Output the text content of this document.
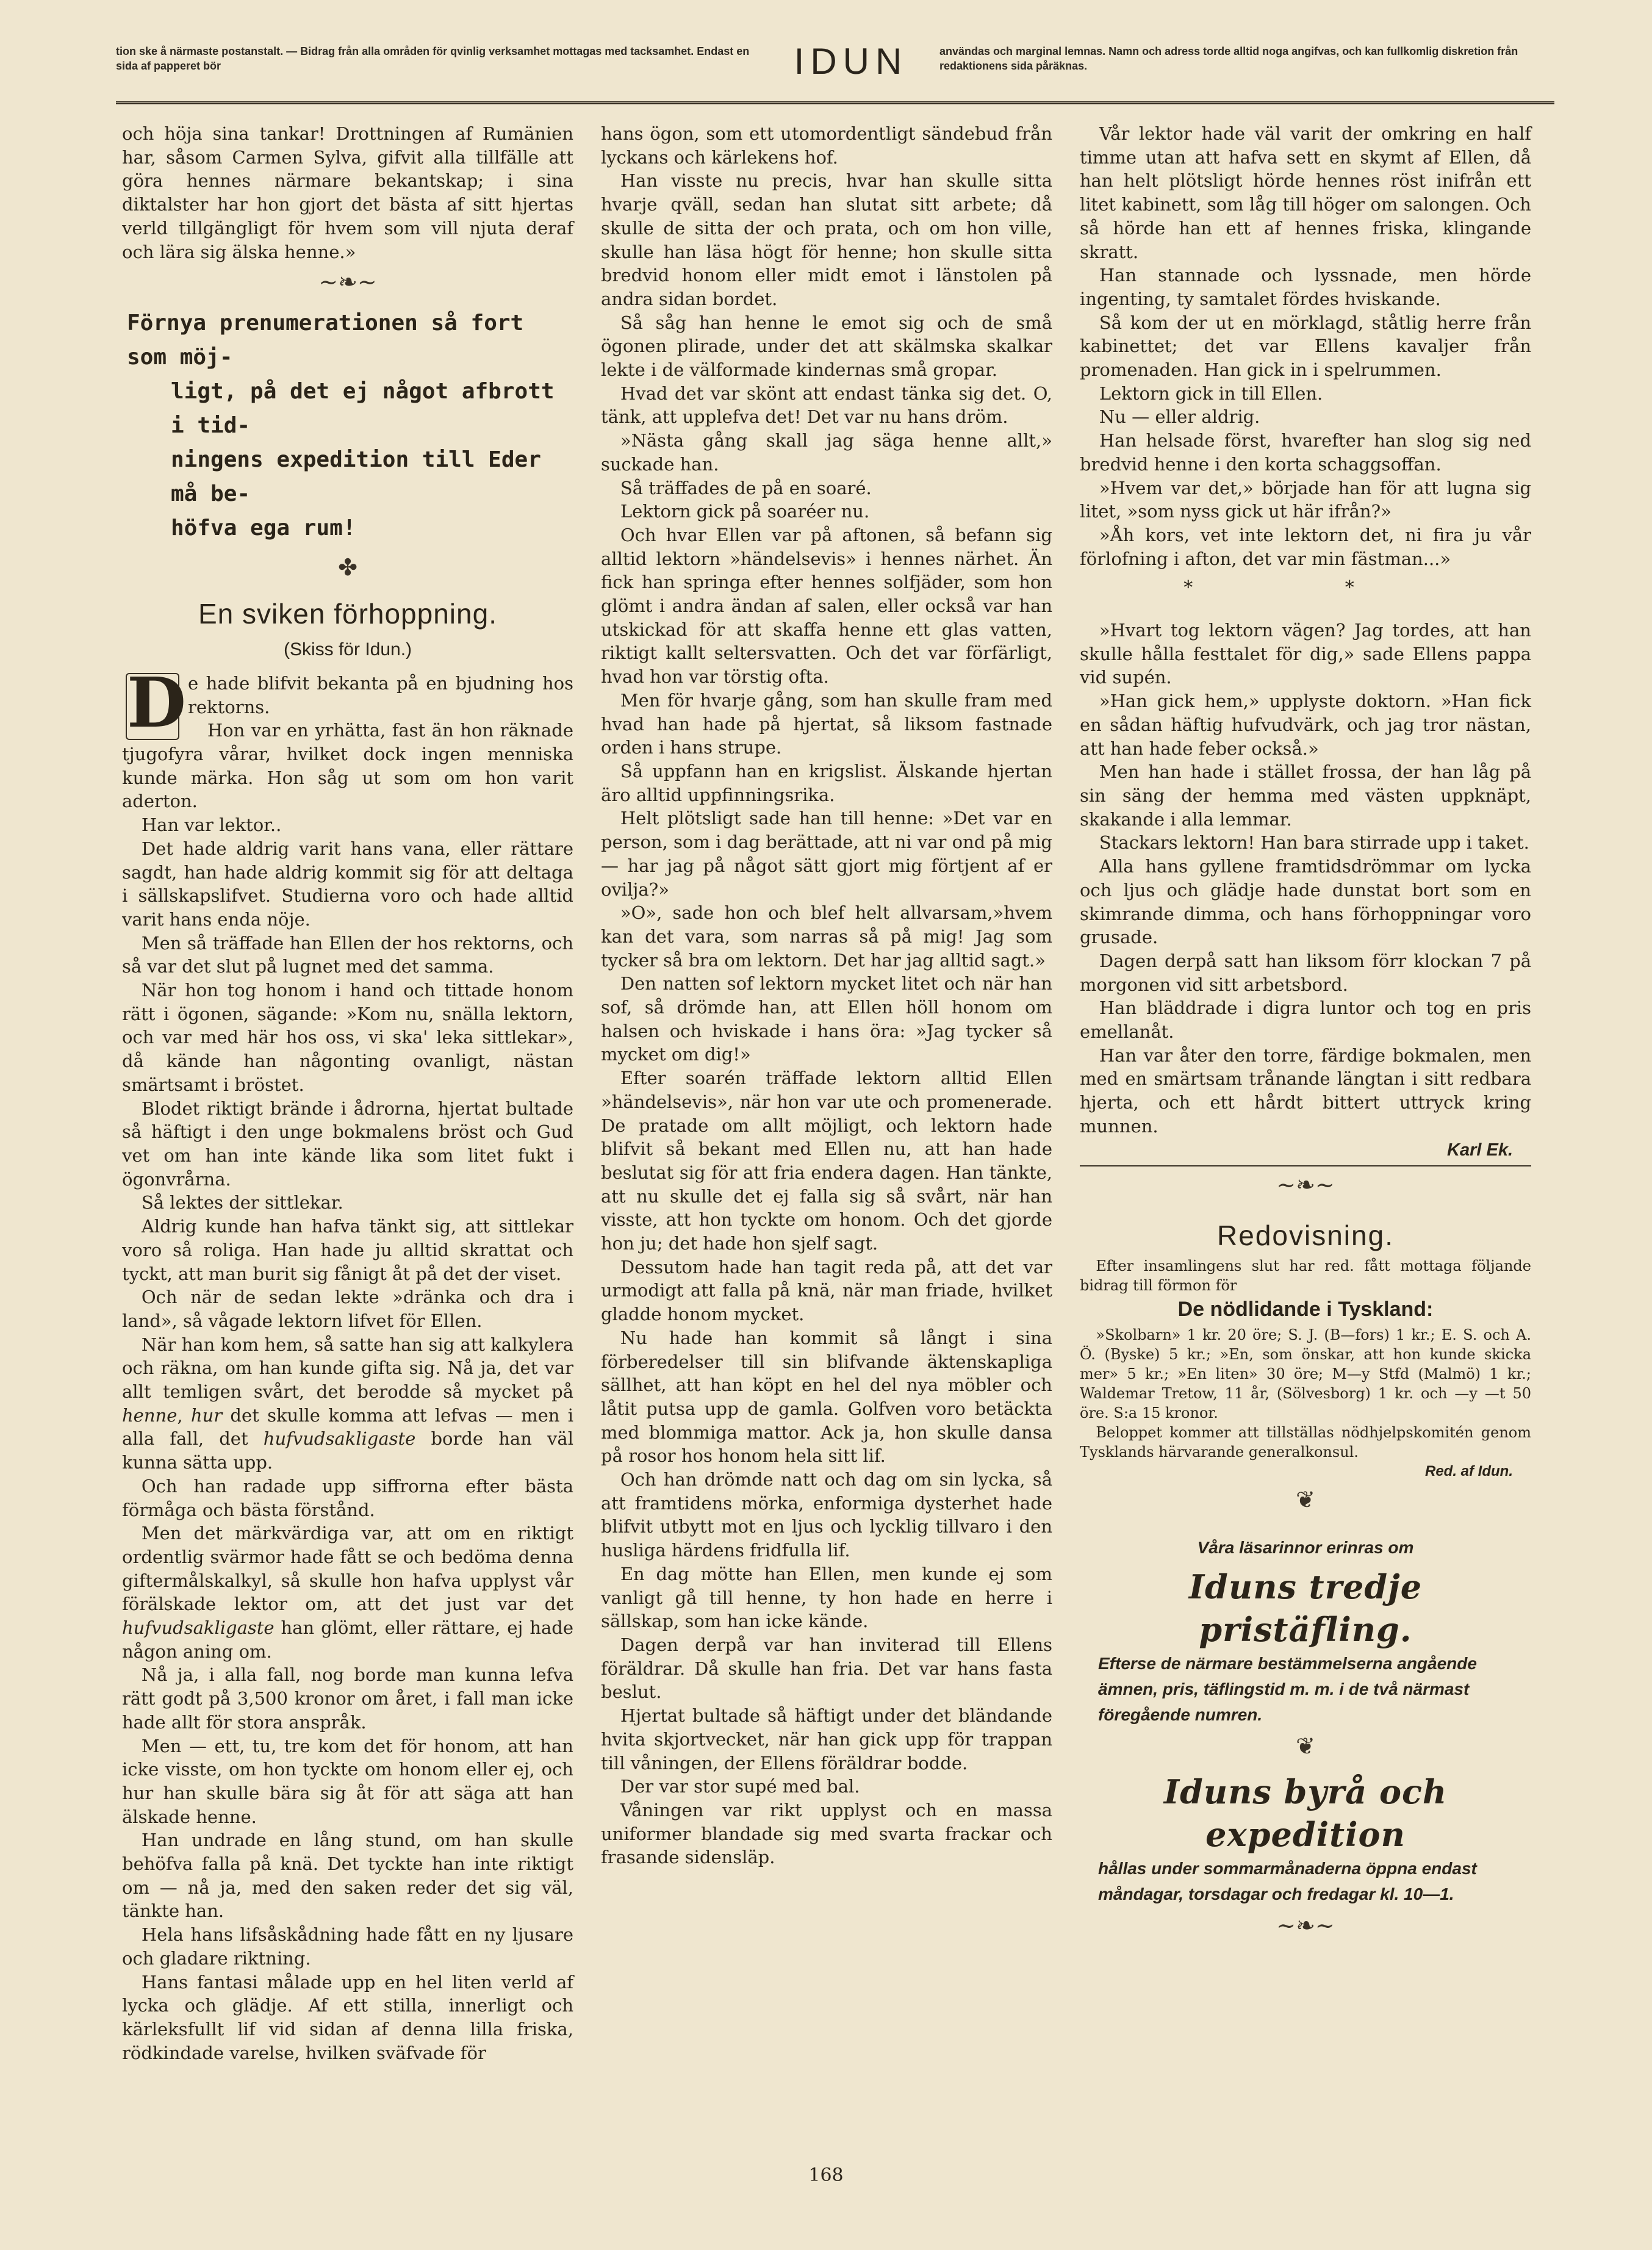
tion ske å närmaste postanstalt. — Bidrag från alla områden för qvinlig verksamhet mottagas med tacksamhet. Endast en sida af papperet bör	IDUN	användas och marginal lemnas. Namn och adress torde alltid noga angifvas, och kan fullkomlig diskretion från redaktionens sida påräknas.

och höja sina tankar! Drottningen af Rumänien har, såsom Carmen Sylva, gifvit alla tillfälle att göra hennes närmare bekantskap; i sina diktalster har hon gjort det bästa af sitt hjertas verld tillgängligt för hvem som vill njuta deraf och lära sig älska henne.»

~❧~
Förnya prenumerationen så fort som möj-
ligt, på det ej något afbrott i tid-
ningens expedition till Eder må be-
höfva ega rum!
✤
En sviken förhoppning.
(Skiss för Idun.)
D e hade blifvit bekanta på en bjudning hos rektorns.

Hon var en yrhätta, fast än hon räknade tjugofyra vårar, hvilket dock ingen menniska kunde märka. Hon såg ut som om hon varit aderton.

Han var lektor..

Det hade aldrig varit hans vana, eller rättare sagdt, han hade aldrig kommit sig för att deltaga i sällskapslifvet. Studierna voro och hade alltid varit hans enda nöje.

Men så träffade han Ellen der hos rektorns, och så var det slut på lugnet med det samma.

När hon tog honom i hand och tittade honom rätt i ögonen, sägande: »Kom nu, snälla lektorn, och var med här hos oss, vi ska' leka sittlekar», då kände han någonting ovanligt, nästan smärtsamt i bröstet.

Blodet riktigt brände i ådrorna, hjertat bultade så häftigt i den unge bokmalens bröst och Gud vet om han inte kände lika som litet fukt i ögonvrårna.

Så lektes der sittlekar.

Aldrig kunde han hafva tänkt sig, att sittlekar voro så roliga. Han hade ju alltid skrattat och tyckt, att man burit sig fånigt åt på det der viset.

Och när de sedan lekte »dränka och dra i land», så vågade lektorn lifvet för Ellen.

När han kom hem, så satte han sig att kalkylera och räkna, om han kunde gifta sig. Nå ja, det var allt temligen svårt, det berodde så mycket på henne, hur det skulle komma att lefvas — men i alla fall, det hufvudsakligaste borde han väl kunna sätta upp.

Och han radade upp siffrorna efter bästa förmåga och bästa förstånd.

Men det märkvärdiga var, att om en riktigt ordentlig svärmor hade fått se och bedöma denna giftermålskalkyl, så skulle hon hafva upplyst vår förälskade lektor om, att det just var det hufvudsakligaste han glömt, eller rättare, ej hade någon aning om.

Nå ja, i alla fall, nog borde man kunna lefva rätt godt på 3,500 kronor om året, i fall man icke hade allt för stora anspråk.

Men — ett, tu, tre kom det för honom, att han icke visste, om hon tyckte om honom eller ej, och hur han skulle bära sig åt för att säga att han älskade henne.

Han undrade en lång stund, om han skulle behöfva falla på knä. Det tyckte han inte riktigt om — nå ja, med den saken reder det sig väl, tänkte han.

Hela hans lifsåskådning hade fått en ny ljusare och gladare riktning.

Hans fantasi målade upp en hel liten verld af lycka och glädje. Af ett stilla, innerligt och kärleksfullt lif vid sidan af denna lilla friska, rödkindade varelse, hvilken sväfvade för

hans ögon, som ett utomordentligt sändebud från lyckans och kärlekens hof.

Han visste nu precis, hvar han skulle sitta hvarje qväll, sedan han slutat sitt arbete; då skulle de sitta der och prata, och om hon ville, skulle han läsa högt för henne; hon skulle sitta bredvid honom eller midt emot i länstolen på andra sidan bordet.

Så såg han henne le emot sig och de små ögonen plirade, under det att skälmska skalkar lekte i de välformade kindernas små gropar.

Hvad det var skönt att endast tänka sig det. O, tänk, att upplefva det! Det var nu hans dröm.

»Nästa gång skall jag säga henne allt,» suckade han.

Så träffades de på en soaré.

Lektorn gick på soaréer nu.

Och hvar Ellen var på aftonen, så befann sig alltid lektorn »händelsevis» i hennes närhet. Än fick han springa efter hennes solfjäder, som hon glömt i andra ändan af salen, eller också var han utskickad för att skaffa henne ett glas vatten, riktigt kallt seltersvatten. Och det var förfärligt, hvad hon var törstig ofta.

Men för hvarje gång, som han skulle fram med hvad han hade på hjertat, så liksom fastnade orden i hans strupe.

Så uppfann han en krigslist. Älskande hjertan äro alltid uppfinningsrika.

Helt plötsligt sade han till henne: »Det var en person, som i dag berättade, att ni var ond på mig — har jag på något sätt gjort mig förtjent af er ovilja?»

»O», sade hon och blef helt allvarsam,»hvem kan det vara, som narras så på mig! Jag som tycker så bra om lektorn. Det har jag alltid sagt.»

Den natten sof lektorn mycket litet och när han sof, så drömde han, att Ellen höll honom om halsen och hviskade i hans öra: »Jag tycker så mycket om dig!»

Efter soarén träffade lektorn alltid Ellen »händelsevis», när hon var ute och promenerade. De pratade om allt möjligt, och lektorn hade blifvit så bekant med Ellen nu, att han hade beslutat sig för att fria endera dagen. Han tänkte, att nu skulle det ej falla sig så svårt, när han visste, att hon tyckte om honom. Och det gjorde hon ju; det hade hon sjelf sagt.

Dessutom hade han tagit reda på, att det var urmodigt att falla på knä, när man friade, hvilket gladde honom mycket.

Nu hade han kommit så långt i sina förberedelser till sin blifvande äktenskapliga sällhet, att han köpt en hel del nya möbler och låtit putsa upp de gamla. Golfven voro betäckta med blommiga mattor. Ack ja, hon skulle dansa på rosor hos honom hela sitt lif.

Och han drömde natt och dag om sin lycka, så att framtidens mörka, enformiga dysterhet hade blifvit utbytt mot en ljus och lycklig tillvaro i den husliga härdens fridfulla lif.

En dag mötte han Ellen, men kunde ej som vanligt gå till henne, ty hon hade en herre i sällskap, som han icke kände.

Dagen derpå var han inviterad till Ellens föräldrar. Då skulle han fria. Det var hans fasta beslut.

Hjertat bultade så häftigt under det bländande hvita skjortvecket, när han gick upp för trappan till våningen, der Ellens föräldrar bodde.

Der var stor supé med bal.

Våningen var rikt upplyst och en massa uniformer blandade sig med svarta frackar och frasande sidensläp.

Vår lektor hade väl varit der omkring en half timme utan att hafva sett en skymt af Ellen, då han helt plötsligt hörde hennes röst inifrån ett litet kabinett, som låg till höger om salongen. Och så hörde han ett af hennes friska, klingande skratt.

Han stannade och lyssnade, men hörde ingenting, ty samtalet fördes hviskande.

Så kom der ut en mörklagd, ståtlig herre från kabinettet; det var Ellens kavaljer från promenaden. Han gick in i spelrummen.

Lektorn gick in till Ellen.

Nu — eller aldrig.

Han helsade först, hvarefter han slog sig ned bredvid henne i den korta schaggsoffan.

»Hvem var det,» började han för att lugna sig litet, »som nyss gick ut här ifrån?»

»Åh kors, vet inte lektorn det, ni fira ju vår förlofning i afton, det var min fästman...»

* *

»Hvart tog lektorn vägen? Jag tordes, att han skulle hålla festtalet för dig,» sade Ellens pappa vid supén.

»Han gick hem,» upplyste doktorn. »Han fick en sådan häftig hufvudvärk, och jag tror nästan, att han hade feber också.»

Men han hade i stället frossa, der han låg på sin säng der hemma med västen uppknäpt, skakande i alla lemmar.

Stackars lektorn! Han bara stirrade upp i taket.

Alla hans gyllene framtidsdrömmar om lycka och ljus och glädje hade dunstat bort som en skimrande dimma, och hans förhoppningar voro grusade.

Dagen derpå satt han liksom förr klockan 7 på morgonen vid sitt arbetsbord.

Han bläddrade i digra luntor och tog en pris emellanåt.

Han var åter den torre, färdige bokmalen, men med en smärtsam trånande längtan i sitt redbara hjerta, och ett hårdt bittert uttryck kring munnen.

Karl Ek.
~❧~
Redovisning.

Efter insamlingens slut har red. fått mottaga följande bidrag till förmon för

De nödlidande i Tyskland:

»Skolbarn» 1 kr. 20 öre; S. J. (B—fors) 1 kr.; E. S. och A. Ö. (Byske) 5 kr.; »En, som önskar, att hon kunde skicka mer» 5 kr.; »En liten» 30 öre; M—y Stfd (Malmö) 1 kr.; Waldemar Tretow, 11 år, (Sölvesborg) 1 kr. och —y —t 50 öre. S:a 15 kronor.

Beloppet kommer att tillställas nödhjelpskomitén genom Tysklands härvarande generalkonsul.

Red. af Idun.
❦
Våra läsarinnor erinras om
Iduns tredje pristäfling.
Efterse de närmare bestämmelserna angående ämnen, pris, täflingstid m. m. i de två närmast föregående numren.
❦
Iduns byrå och expedition
hållas under sommarmånaderna öppna endast måndagar, torsdagar och fredagar kl. 10—1.
~❧~
168
